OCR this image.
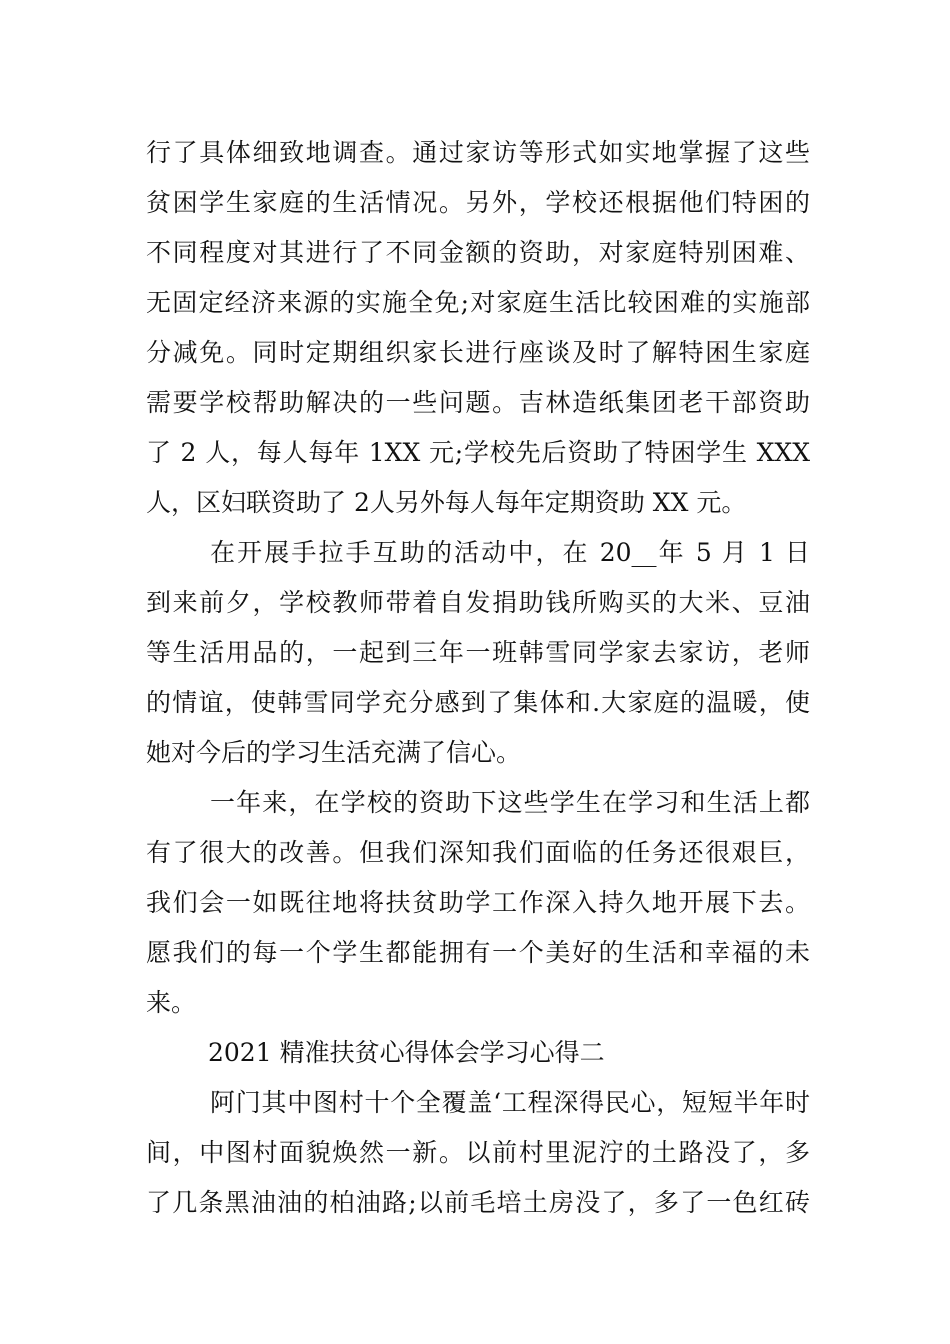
行了具体细致地调查。通过家访等形式如实地掌握了这些
贫困学生家庭的生活情况。另外，学校还根据他们特困的
不同程度对其进行了不同金额的资助，对家庭特别困难、
无固定经济来源的实施全免;对家庭生活比较困难的实施部
分减免。同时定期组织家长进行座谈及时了解特困生家庭
需要学校帮助解决的一些问题。吉林造纸集团老干部资助
了 2 人，每人每年 1XX 元;学校先后资助了特困学生 XXX
人，区妇联资助了 2人另外每人每年定期资助 XX 元。
在开展手拉手互助的活动中，在 20__年 5 月 1 日
到来前夕，学校教师带着自发捐助钱所购买的大米、豆油
等生活用品的，一起到三年一班韩雪同学家去家访，老师
的情谊，使韩雪同学充分感到了集体和.大家庭的温暖，使
她对今后的学习生活充满了信心。
一年来，在学校的资助下这些学生在学习和生活上都
有了很大的改善。但我们深知我们面临的任务还很艰巨，
我们会一如既往地将扶贫助学工作深入持久地开展下去。
愿我们的每一个学生都能拥有一个美好的生活和幸福的未
来。
2021 精准扶贫心得体会学习心得二
阿门其中图村十个全覆盖‘工程深得民心，短短半年时
间，中图村面貌焕然一新。以前村里泥泞的土路没了，多
了几条黑油油的柏油路;以前毛培土房没了，多了一色红砖
